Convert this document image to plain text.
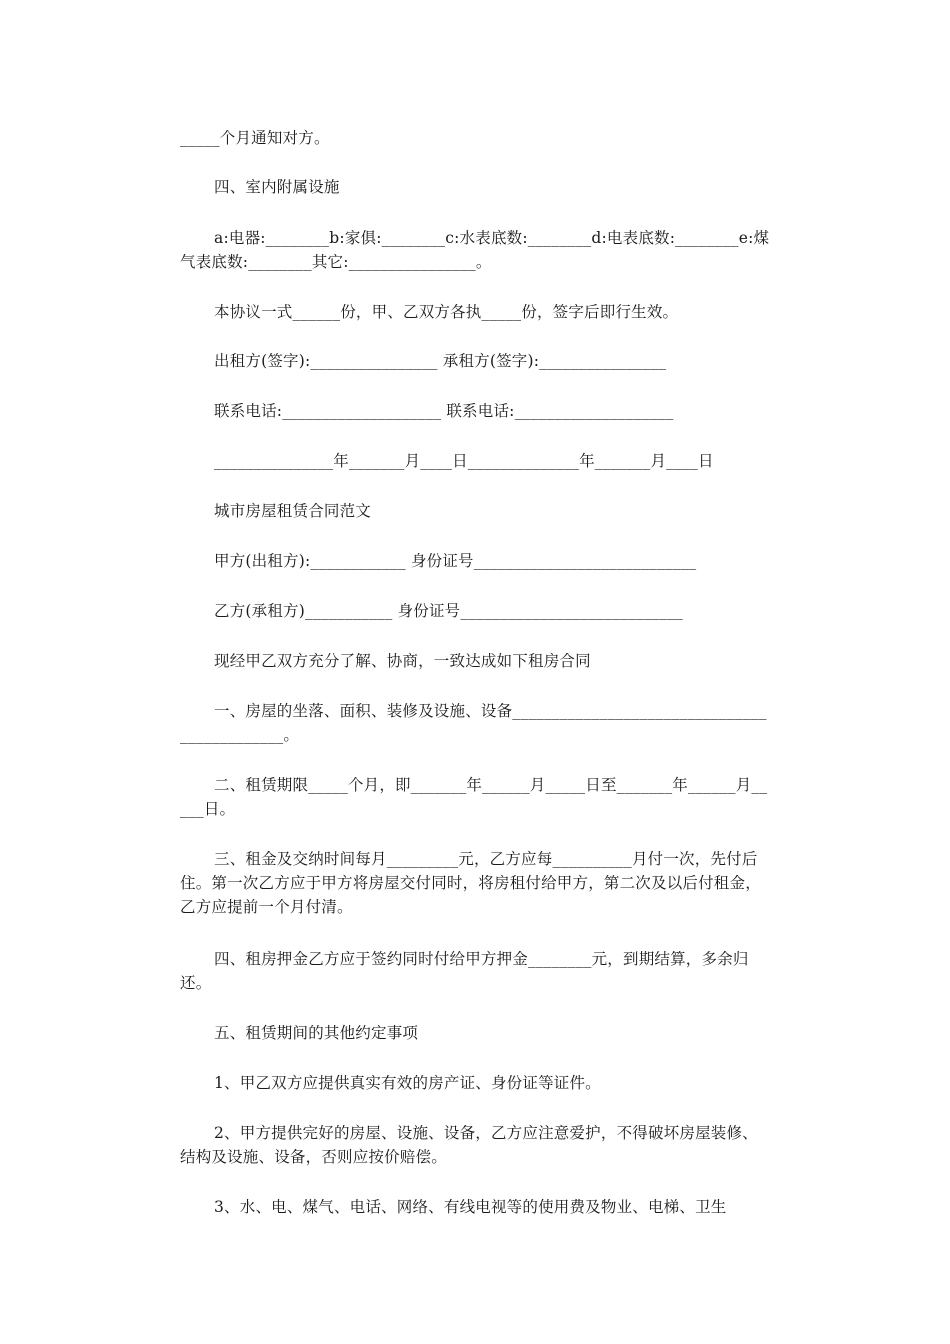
_____个月通知对方。

四、室内附属设施

a:电器:________b:家俱:________c:水表底数:________d:电表底数:________e:煤气表底数:________其它:________________。

本协议一式______份，甲、乙双方各执_____份，签字后即行生效。

出租方(签字):________________ 承租方(签字):________________

联系电话:____________________ 联系电话:____________________

_______________年_______月____日______________年_______月____日

城市房屋租赁合同范文

甲方(出租方):____________ 身份证号____________________________

乙方(承租方)___________ 身份证号____________________________

现经甲乙双方充分了解、协商，一致达成如下租房合同

一、房屋的坐落、面积、装修及设施、设备_____________________________________________。

二、租赁期限_____个月，即_______年______月_____日至_______年______月_____日。

三、租金及交纳时间每月_________元，乙方应每__________月付一次，先付后住。第一次乙方应于甲方将房屋交付同时，将房租付给甲方，第二次及以后付租金，乙方应提前一个月付清。

四、租房押金乙方应于签约同时付给甲方押金________元，到期结算，多余归还。

五、租赁期间的其他约定事项

1、甲乙双方应提供真实有效的房产证、身份证等证件。

2、甲方提供完好的房屋、设施、设备，乙方应注意爱护，不得破坏房屋装修、结构及设施、设备，否则应按价赔偿。

3、水、电、煤气、电话、网络、有线电视等的使用费及物业、电梯、卫生
